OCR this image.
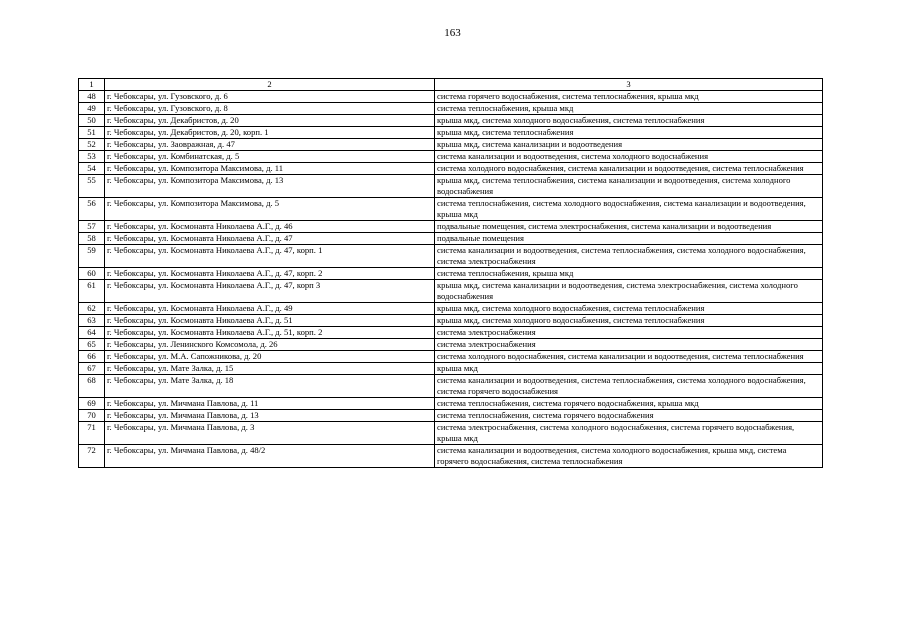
163
1	2	3
48	г. Чебоксары, ул. Гузовского, д. 6	система горячего водоснабжения, система теплоснабжения, крыша мкд
49	г. Чебоксары, ул. Гузовского, д. 8	система теплоснабжения, крыша мкд
50	г. Чебоксары, ул. Декабристов, д. 20	крыша мкд, система холодного водоснабжения, система теплоснабжения
51	г. Чебоксары, ул. Декабристов, д. 20, корп. 1	крыша мкд, система теплоснабжения
52	г. Чебоксары, ул. Заовражная, д. 47	крыша мкд, система канализации и водоотведения
53	г. Чебоксары, ул. Комбинатская, д. 5	система канализации и водоотведения, система холодного водоснабжения
54	г. Чебоксары, ул. Композитора Максимова, д. 11	система холодного водоснабжения, система канализации и водоотведения, система теплоснабжения
55	г. Чебоксары, ул. Композитора Максимова, д. 13	крыша мкд, система теплоснабжения, система канализации и водоотведения, система холодного водоснабжения
56	г. Чебоксары, ул. Композитора Максимова, д. 5	система теплоснабжения, система холодного водоснабжения, система канализации и водоотведения, крыша мкд
57	г. Чебоксары, ул. Космонавта Николаева А.Г., д. 46	подвальные помещения, система электроснабжения, система канализации и водоотведения
58	г. Чебоксары, ул. Космонавта Николаева А.Г., д. 47	подвальные помещения
59	г. Чебоксары, ул. Космонавта Николаева А.Г., д. 47, корп. 1	система канализации и водоотведения, система теплоснабжения, система холодного водоснабжения, система электроснабжения
60	г. Чебоксары, ул. Космонавта Николаева А.Г., д. 47, корп. 2	система теплоснабжения, крыша мкд
61	г. Чебоксары, ул. Космонавта Николаева А.Г., д. 47, корп 3	крыша мкд, система канализации и водоотведения, система электроснабжения, система холодного водоснабжения
62	г. Чебоксары, ул. Космонавта Николаева А.Г., д. 49	крыша мкд, система холодного водоснабжения, система теплоснабжения
63	г. Чебоксары, ул. Космонавта Николаева А.Г., д. 51	крыша мкд, система холодного водоснабжения, система теплоснабжения
64	г. Чебоксары, ул. Космонавта Николаева А.Г., д. 51, корп. 2	система электроснабжения
65	г. Чебоксары, ул. Ленинского Комсомола, д. 26	система электроснабжения
66	г. Чебоксары, ул. М.А. Сапожникова, д. 20	система холодного водоснабжения, система канализации и водоотведения, система теплоснабжения
67	г. Чебоксары, ул. Мате Залка, д. 15	крыша мкд
68	г. Чебоксары, ул. Мате Залка, д. 18	система канализации и водоотведения, система теплоснабжения, система холодного водоснабжения, система горячего водоснабжения
69	г. Чебоксары, ул. Мичмана Павлова, д. 11	система теплоснабжения, система горячего водоснабжения, крыша мкд
70	г. Чебоксары, ул. Мичмана Павлова, д. 13	система теплоснабжения, система горячего водоснабжения
71	г. Чебоксары, ул. Мичмана Павлова, д. 3	система электроснабжения, система холодного водоснабжения, система горячего водоснабжения, крыша мкд
72	г. Чебоксары, ул. Мичмана Павлова, д. 48/2	система канализации и водоотведения, система холодного водоснабжения, крыша мкд, система горячего водоснабжения, система теплоснабжения
